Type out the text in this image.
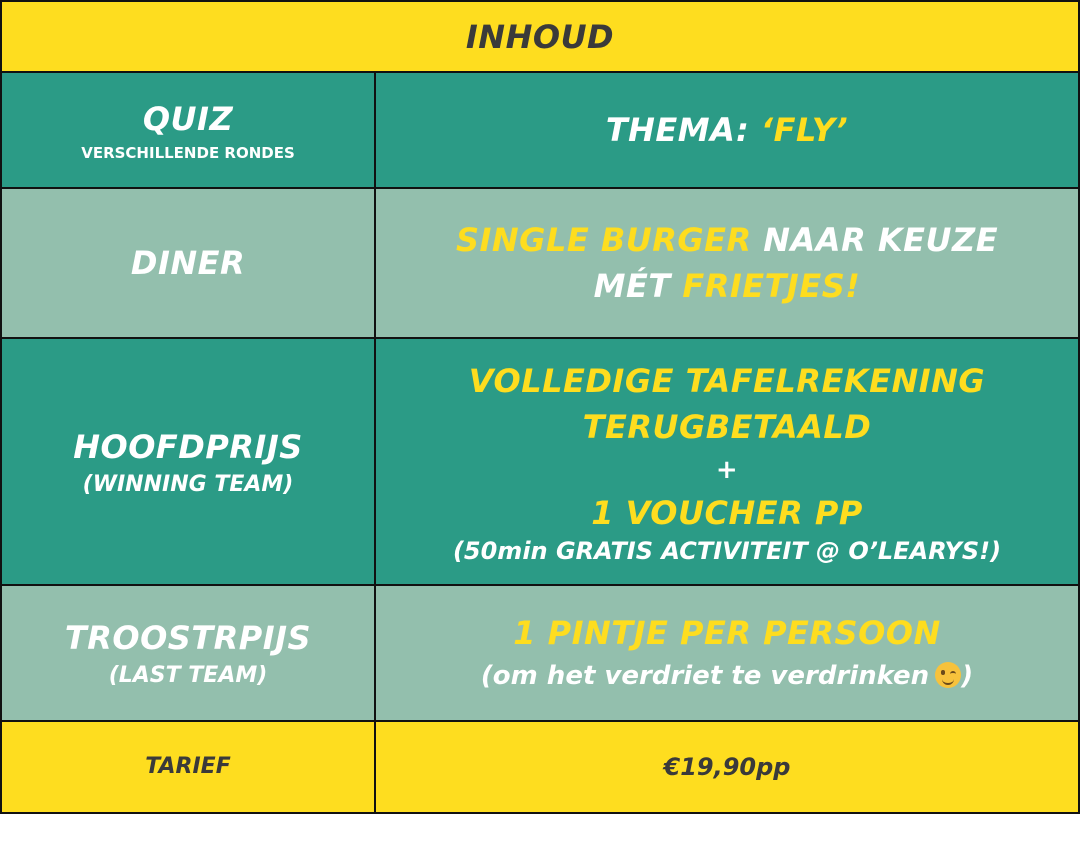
INHOUD
QUIZ
VERSCHILLENDE RONDES
THEMA: ‘FLY’
DINER
SINGLE BURGER NAAR KEUZE
MÉT FRIETJES!
HOOFDPRIJS
(WINNING TEAM)
VOLLEDIGE TAFELREKENING
TERUGBETAALD
+
1 VOUCHER PP
(50min GRATIS ACTIVITEIT @ O’LEARYS!)
TROOSTRPIJS
(LAST TEAM)
1 PINTJE PER PERSOON
(om het verdriet te verdrinken )
TARIEF	€19,90pp
